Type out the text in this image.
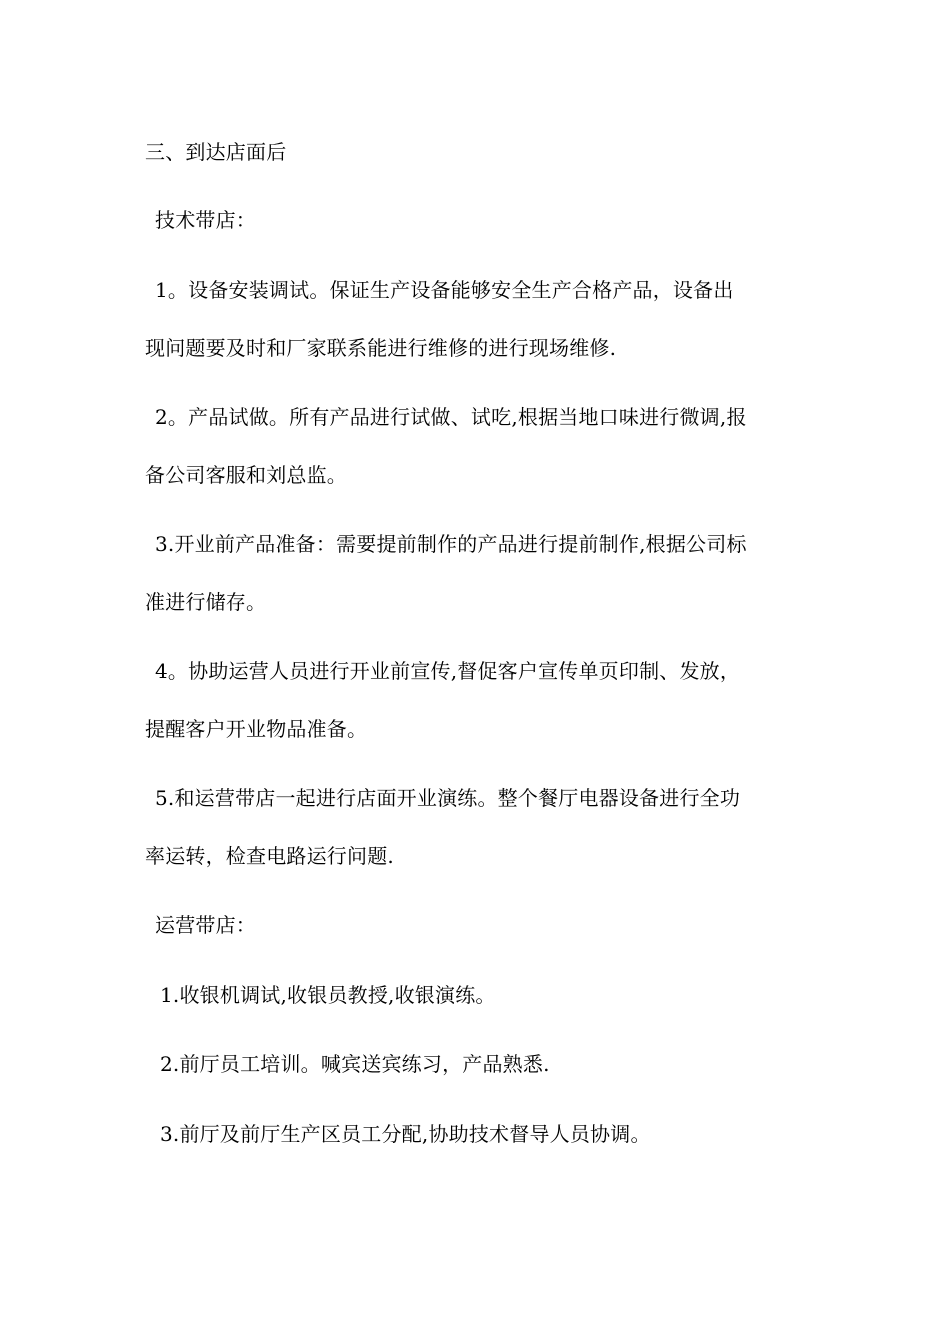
三、到达店面后
技术带店：
1。设备安装调试。保证生产设备能够安全生产合格产品，设备出
现问题要及时和厂家联系能进行维修的进行现场维修.
2。产品试做。所有产品进行试做、试吃,根据当地口味进行微调,报
备公司客服和刘总监。
3.开业前产品准备：需要提前制作的产品进行提前制作,根据公司标
准进行储存。
4。协助运营人员进行开业前宣传,督促客户宣传单页印制、发放，
提醒客户开业物品准备。
5.和运营带店一起进行店面开业演练。整个餐厅电器设备进行全功
率运转，检查电路运行问题.
运营带店：
1.收银机调试,收银员教授,收银演练。
2.前厅员工培训。喊宾送宾练习，产品熟悉.
3.前厅及前厅生产区员工分配,协助技术督导人员协调。
